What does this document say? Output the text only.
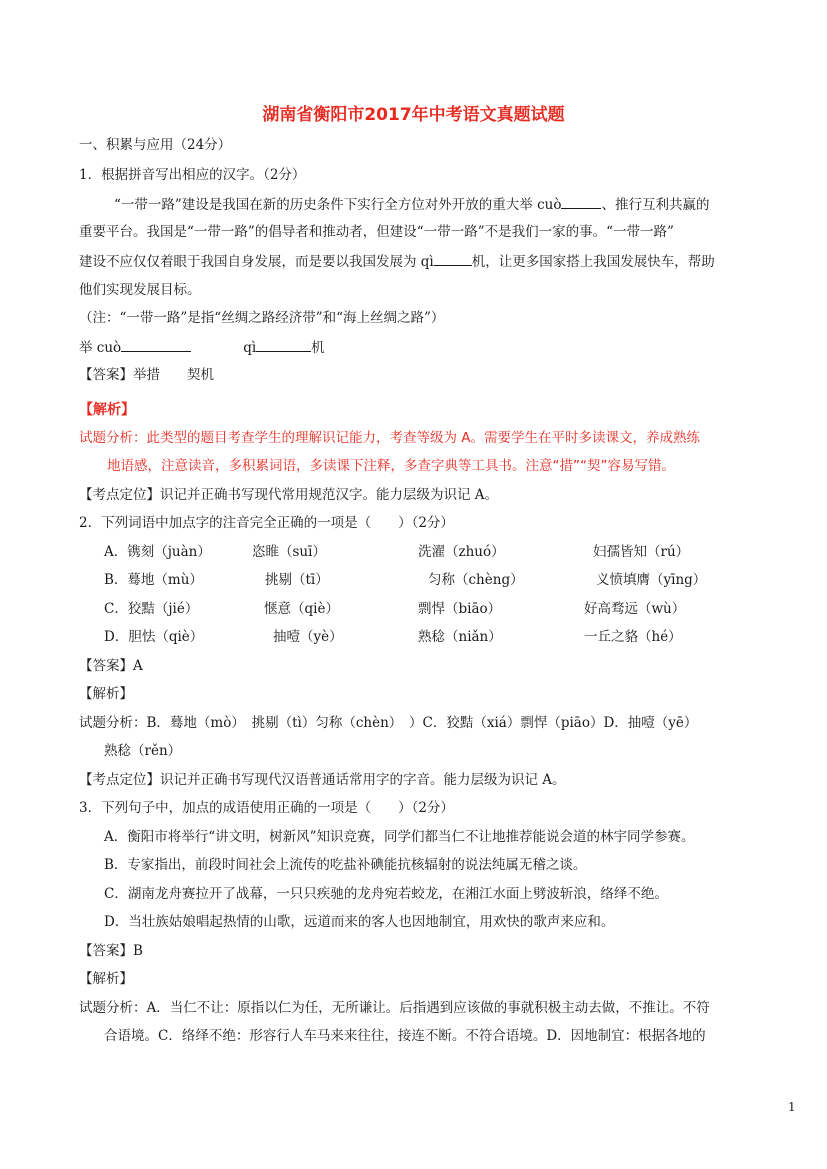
湖南省衡阳市2017年中考语文真题试题
一、积累与应用（24分）
1．根据拼音写出相应的汉字。（2分）
“一带一路”建设是我国在新的历史条件下实行全方位对外开放的重大举 cuò	、推行互利共赢的
重要平台。我国是“一带一路”的倡导者和推动者，但建设“一带一路”不是我们一家的事。“一带一路”
建设不应仅仅着眼于我国自身发展，而是要以我国发展为 qì	机，让更多国家搭上我国发展快车，帮助
他们实现发展目标。
（注：“一带一路”是指“丝绸之路经济带”和“海上丝绸之路”）
举 cuò	qì	机
【答案】举措　　契机
【解析】
试题分析：此类型的题目考查学生的理解识记能力，考查等级为 A。需要学生在平时多读课文，养成熟练
地语感，注意读音，多积累词语，多读课下注释，多查字典等工具书。注意“措”“契”容易写错。
【考点定位】识记并正确书写现代常用规范汉字。能力层级为识记 A。
2．下列词语中加点字的注音完全正确的一项是（　　）（2分）
A．镌刻（juàn）	恣睢（suī）	洗濯（zhuó）	妇孺皆知（rú）
B．蓦地（mù）	挑剔（tī）	匀称（chèng）	义愤填膺（yīng）
C．狡黠（jié）	惬意（qiè）	剽悍（biāo）	好高骛远（wù）
D．胆怯（qiè）	抽噎（yè）	熟稔（niǎn）	一丘之貉（hé）
【答案】A
【解析】
试题分析：B．蓦地（mò）　挑剔（tì）匀称（chèn）　）C．狡黠（xiá）剽悍（piāo）D．抽噎（yē）
熟稔（rěn）
【考点定位】识记并正确书写现代汉语普通话常用字的字音。能力层级为识记 A。
3．下列句子中，加点的成语使用正确的一项是（　　）（2分）
A．衡阳市将举行“讲文明，树新风”知识竞赛，同学们都当仁不让地推荐能说会道的林宇同学参赛。
B．专家指出，前段时间社会上流传的吃盐补碘能抗核辐射的说法纯属无稽之谈。
C．湖南龙舟赛拉开了战幕，一只只疾驰的龙舟宛若蛟龙，在湘江水面上劈波斩浪，络绎不绝。
D．当壮族姑娘唱起热情的山歌，远道而来的客人也因地制宜，用欢快的歌声来应和。
【答案】B
【解析】
试题分析：A．当仁不让：原指以仁为任，无所谦让。后指遇到应该做的事就积极主动去做，不推让。不符
合语境。C．络绎不绝：形容行人车马来来往往，接连不断。不符合语境。D．因地制宜：根据各地的
1
